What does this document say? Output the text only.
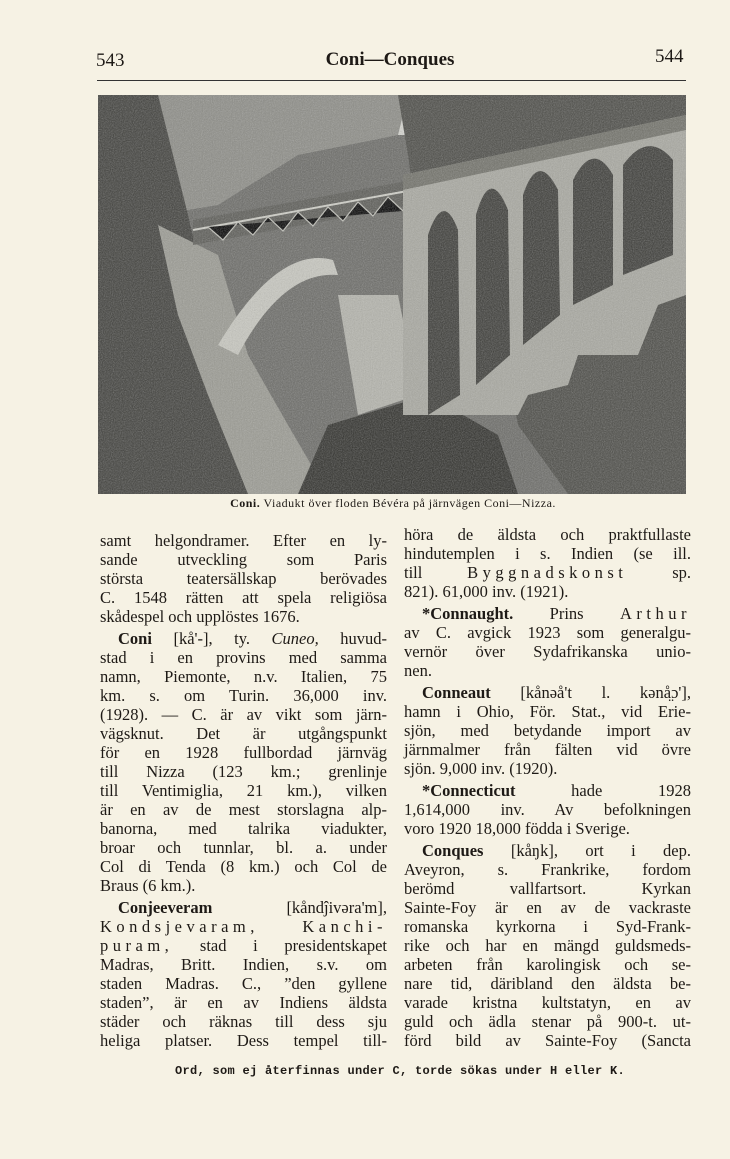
543	Coni—Conques	544
Coni. Viadukt över floden Bévéra på järnvägen Coni—Nizza.
samt helgondramer. Efter en ly-
sande utveckling som Paris
största teatersällskap berövades
C. 1548 rätten att spela religiösa
skådespel och upplöstes 1676.
Coni [kå'-], ty. Cuneo, huvud-
stad i en provins med samma
namn, Piemonte, n.v. Italien, 75
km. s. om Turin. 36,000 inv.
(1928). — C. är av vikt som järn-
vägsknut. Det är utgångspunkt
för en 1928 fullbordad järnväg
till Nizza (123 km.; grenlinje
till Ventimiglia, 21 km.), vilken
är en av de mest storslagna alp-
banorna, med talrika viadukter,
broar och tunnlar, bl. a. under
Col di Tenda (8 km.) och Col de
Braus (6 km.).
Conjeeveram [kåndĵivəra'm],
Kondsjevaram,	Kanchi-
puram, stad i presidentskapet
Madras, Britt. Indien, s.v. om
staden Madras. C., ”den gyllene
staden”, är en av Indiens äldsta
städer och räknas till dess sju
heliga platser. Dess tempel till-
höra de äldsta och praktfullaste
hindutemplen i s. Indien (se ill.
till Byggnadskonst sp.
821). 61,000 inv. (1921).
*Connaught. Prins Arthur
av C. avgick 1923 som generalgu-
vernör över Sydafrikanska unio-
nen.
Conneaut [kånəå't l. kənå̤ɔ'],
hamn i Ohio, För. Stat., vid Erie-
sjön, med betydande import av
järnmalmer från fälten vid övre
sjön. 9,000 inv. (1920).
*Connecticut hade 1928
1,614,000 inv. Av befolkningen
voro 1920 18,000 födda i Sverige.
Conques [kåŋk], ort i dep.
Aveyron, s. Frankrike, fordom
berömd vallfartsort. Kyrkan
Sainte-Foy är en av de vackraste
romanska kyrkorna i Syd-Frank-
rike och har en mängd guldsmeds-
arbeten från karolingisk och se-
nare tid, däribland den äldsta be-
varade kristna kultstatyn, en av
guld och ädla stenar på 900-t. ut-
förd bild av Sainte-Foy (Sancta
Ord, som ej återfinnas under C, torde sökas under H eller K.
